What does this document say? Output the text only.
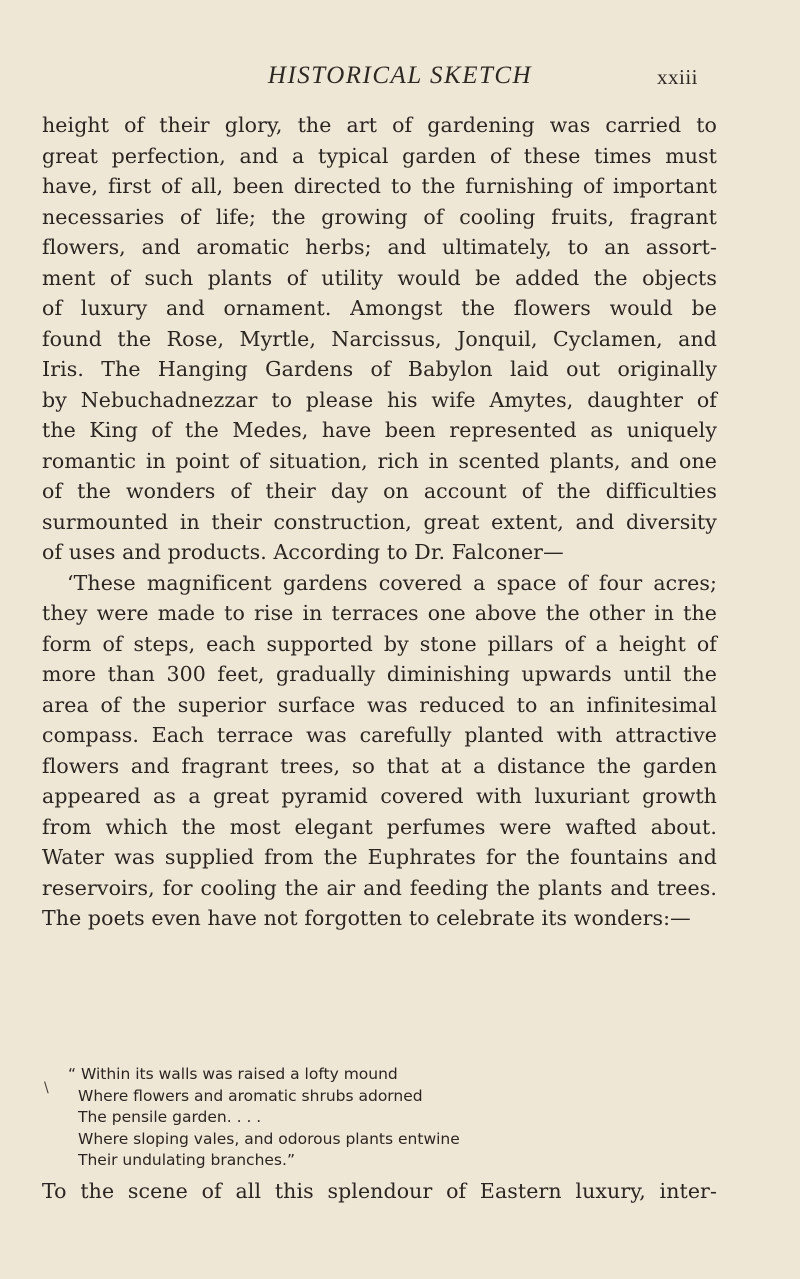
HISTORICAL SKETCH	xxiii
height of their glory, the art of gardening was carried to
great perfection, and a typical garden of these times must
have, first of all, been directed to the furnishing of important
necessaries of life; the growing of cooling fruits, fragrant
flowers, and aromatic herbs; and ultimately, to an assort-
ment of such plants of utility would be added the objects
of luxury and ornament. Amongst the flowers would be
found the Rose, Myrtle, Narcissus, Jonquil, Cyclamen, and
Iris. The Hanging Gardens of Babylon laid out originally
by Nebuchadnezzar to please his wife Amytes, daughter of
the King of the Medes, have been represented as uniquely
romantic in point of situation, rich in scented plants, and one
of the wonders of their day on account of the difficulties
surmounted in their construction, great extent, and diversity
of uses and products. According to Dr. Falconer—
‘These magnificent gardens covered a space of four acres;
they were made to rise in terraces one above the other in the
form of steps, each supported by stone pillars of a height of
more than 300 feet, gradually diminishing upwards until the
area of the superior surface was reduced to an infinitesimal
compass. Each terrace was carefully planted with attractive
flowers and fragrant trees, so that at a distance the garden
appeared as a great pyramid covered with luxuriant growth
from which the most elegant perfumes were wafted about.
Water was supplied from the Euphrates for the fountains and
reservoirs, for cooling the air and feeding the plants and trees.
The poets even have not forgotten to celebrate its wonders:—
\
“ Within its walls was raised a lofty mound
Where flowers and aromatic shrubs adorned
The pensile garden. . . .
Where sloping vales, and odorous plants entwine
Their undulating branches.”
To the scene of all this splendour of Eastern luxury, inter-
